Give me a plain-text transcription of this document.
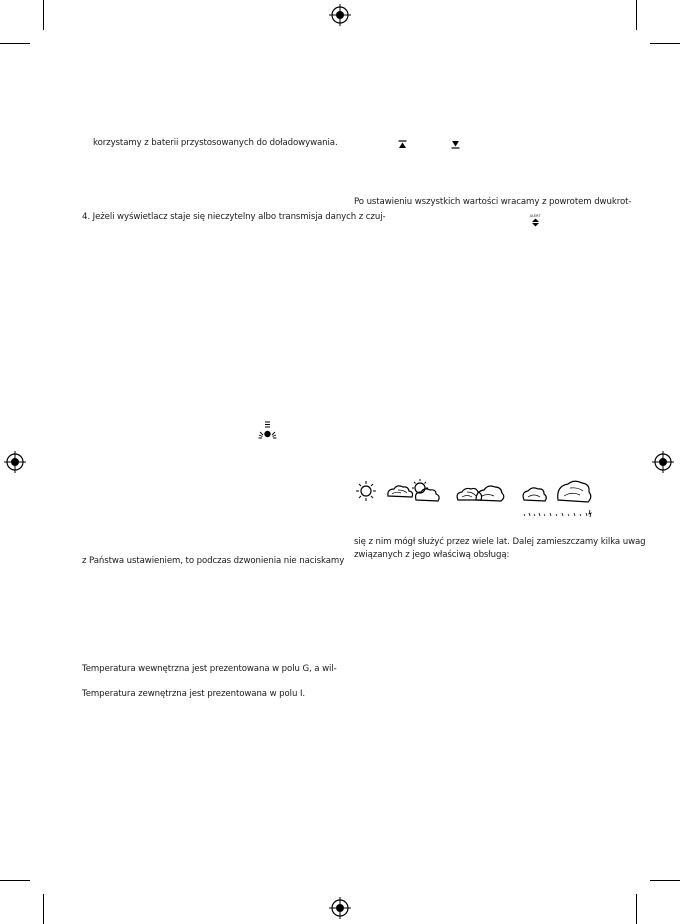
korzystamy z baterii przystosowanych do doładowywania.
4. Jeżeli wyświetlacz staje się nieczytelny albo transmisja danych z czuj-
z Państwa ustawieniem, to podczas dzwonienia nie naciskamy
Temperatura wewnętrzna jest prezentowana w polu G, a wil-
Temperatura zewnętrzna jest prezentowana w polu I.
Po ustawieniu wszystkich wartości wracamy z powrotem dwukrot-
ALERT
się z nim mógł służyć przez wiele lat. Dalej zamieszczamy kilka uwag
związanych z jego właściwą obsługą:
